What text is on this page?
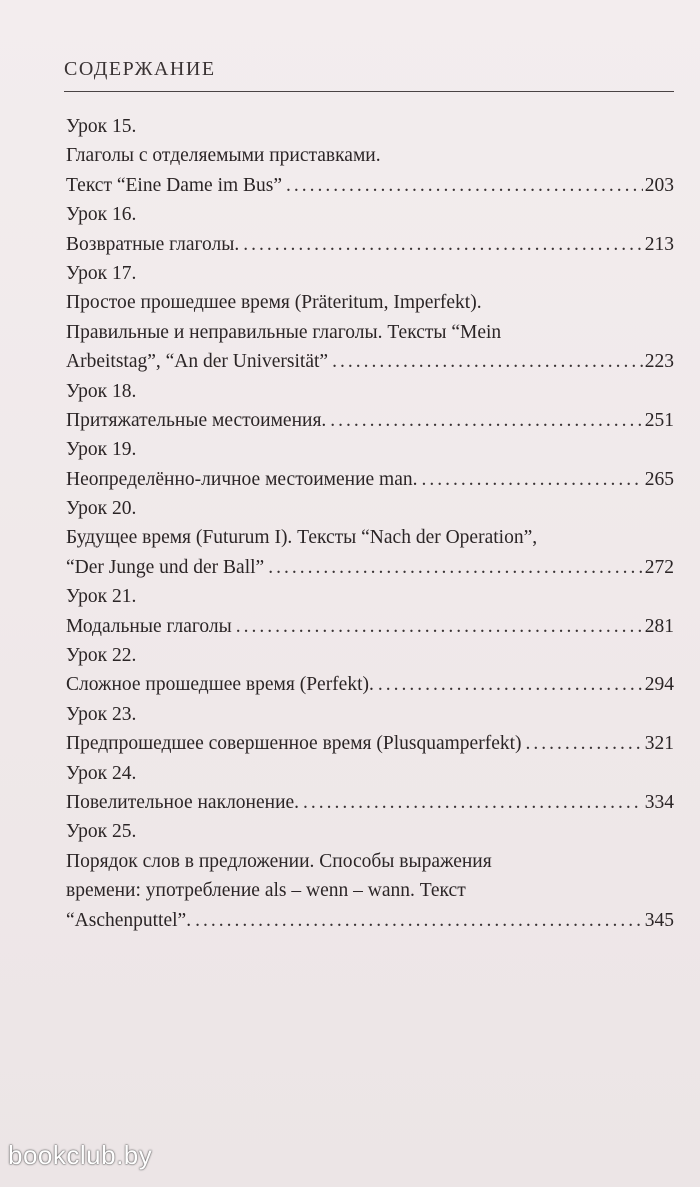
СОДЕРЖАНИЕ
Урок 15.
Глаголы с отделяемыми приставками.
Текст “Eine Dame im Bus” .....	203
Урок 16.
Возвратные глаголы. .....	213
Урок 17.
Простое прошедшее время (Präteritum, Imperfekt).
Правильные и неправильные глаголы. Тексты “Mein
Arbeitstag”, “An der Universität” .....	223
Урок 18.
Притяжательные местоимения. .....	251
Урок 19.
Неопределённо-личное местоимение man. .....	265
Урок 20.
Будущее время (Futurum I). Тексты “Nach der Operation”,
“Der Junge und der Ball” .....	272
Урок 21.
Модальные глаголы .....	281
Урок 22.
Сложное прошедшее время (Perfekt). .....	294
Урок 23.
Предпрошедшее совершенное время (Plusquamperfekt) .....	321
Урок 24.
Повелительное наклонение. .....	334
Урок 25.
Порядок слов в предложении. Способы выражения
времени: употребление als – wenn – wann. Текст
“Aschenputtel”. .....	345
bookclub.by
